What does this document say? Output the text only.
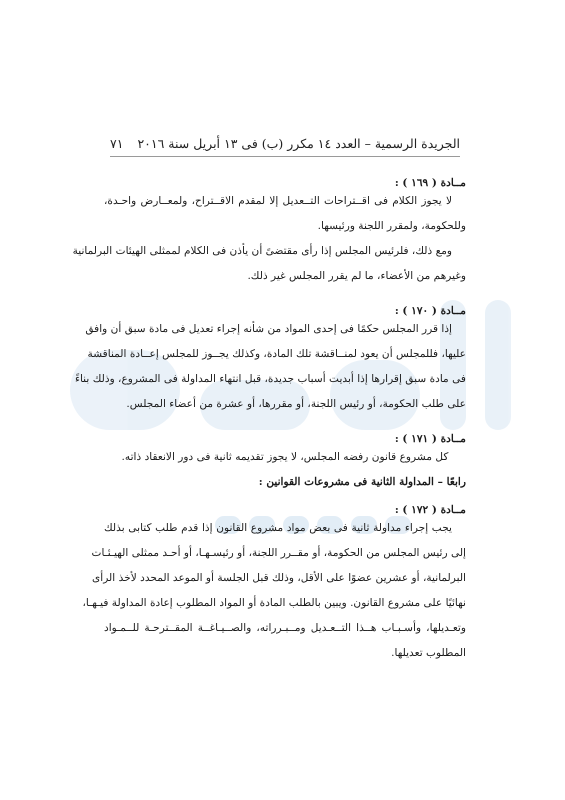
الجريدة الرسمية – العدد ١٤ مكرر (ب) فى ١٣ أبريل سنة ٢٠١٦
٧١
مــادة ( ١٦٩ ) :
لا يجوز الكلام فى اقــتراحات التــعديل إلا لمقدم الاقــتراح، ولمعــارض واحـدة،
وللحكومة، ولمقرر اللجنة ورئيسها.
ومع ذلك، فلرئيس المجلس إذا رأى مقتضىً أن يأذن فى الكلام لممثلى الهيئات البرلمانية
وغيرهم من الأعضاء، ما لم يقرر المجلس غير ذلك.
مــادة ( ١٧٠ ) :
إذا قرر المجلس حكمًا فى إحدى المواد من شأنه إجراء تعديل فى مادة سبق أن وافق
عليها، فللمجلس أن يعود لمنــاقشة تلك المادة، وكذلك يجــوز للمجلس إعــادة المناقشة
فى مادة سبق إقرارها إذا أبديت أسباب جديدة، قبل انتهاء المداولة فى المشروع، وذلك بناءً
على طلب الحكومة، أو رئيس اللجنة، أو مقررها، أو عشرة من أعضاء المجلس.
مــادة ( ١٧١ ) :
كل مشروع قانون رفضه المجلس، لا يجوز تقديمه ثانية فى دور الانعقاد ذاته.
رابعًا – المداولة الثانية فى مشروعات القوانين :
مــادة ( ١٧٢ ) :
يجب إجراء مداولة ثانية فى بعض مواد مشروع القانون إذا قدم طلب كتابى بذلك
إلى رئيس المجلس من الحكومة، أو مقــرر اللجنة، أو رئيسـهـا، أو أحـد ممثلى الهيـئـات
البرلمانية، أو عشرين عضوًا على الأقل، وذلك قبل الجلسة أو الموعد المحدد لأخذ الرأى
نهائيًا على مشروع القانون. ويبين بالطلب المادة أو المواد المطلوب إعادة المداولة فيـهـا،
وتعـديلها، وأسـبـاب هــذا التــعـديل ومــبـرراته، والصــيـاغــة المقــترحـة للــمـواد
المطلوب تعديلها.
